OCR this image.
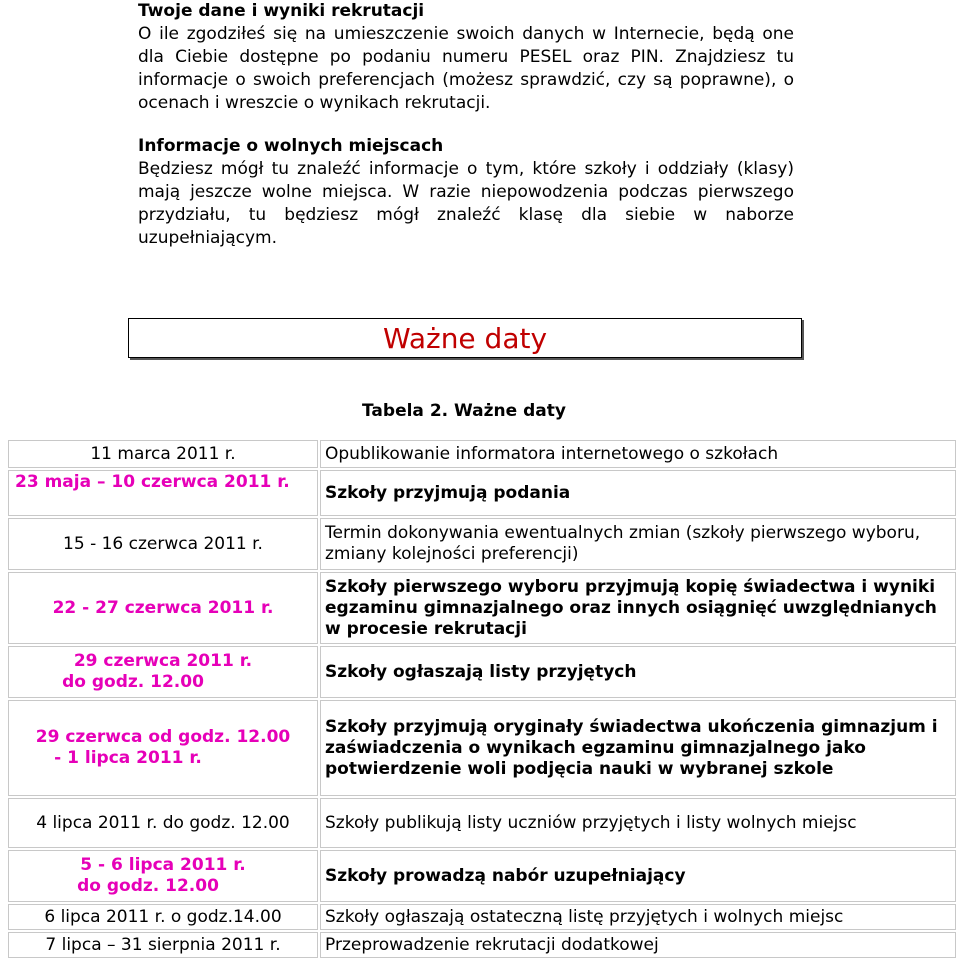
Twoje dane i wyniki rekrutacji

O ile zgodziłeś się na umieszczenie swoich danych w Internecie, będą one dla Ciebie dostępne po podaniu numeru PESEL oraz PIN. Znajdziesz tu informacje o swoich preferencjach (możesz sprawdzić, czy są poprawne), o ocenach i wreszcie o wynikach rekrutacji.

Informacje o wolnych miejscach

Będziesz mógł tu znaleźć informacje o tym, które szkoły i oddziały (klasy) mają jeszcze wolne miejsca. W razie niepowodzenia podczas pierwszego przydziału, tu będziesz mógł znaleźć klasę dla siebie w naborze uzupełniającym.

Ważne daty
Tabela 2. Ważne daty
11 marca 2011 r.	Opublikowanie informatora internetowego o szkołach
23 maja – 10 czerwca 2011 r.	Szkoły przyjmują podania
15 - 16 czerwca 2011 r.	Termin dokonywania ewentualnych zmian (szkoły pierwszego wyboru, zmiany kolejności preferencji)
22 - 27 czerwca 2011 r.	Szkoły pierwszego wyboru przyjmują kopię świadectwa i wyniki egzaminu gimnazjalnego oraz innych osiągnięć uwzględnianych w procesie rekrutacji

29 czerwca 2011 r.
do godz. 12.00	Szkoły ogłaszają listy przyjętych

29 czerwca od godz. 12.00
- 1 lipca 2011 r.	Szkoły przyjmują oryginały świadectwa ukończenia gimnazjum i zaświadczenia o wynikach egzaminu gimnazjalnego jako potwierdzenie woli podjęcia nauki w wybranej szkole
4 lipca 2011 r. do godz. 12.00	Szkoły publikują listy uczniów przyjętych i listy wolnych miejsc

5 - 6 lipca 2011 r.
do godz. 12.00	Szkoły prowadzą nabór uzupełniający
6 lipca 2011 r. o godz.14.00	Szkoły ogłaszają ostateczną listę przyjętych i wolnych miejsc
7 lipca – 31 sierpnia 2011 r.	Przeprowadzenie rekrutacji dodatkowej
